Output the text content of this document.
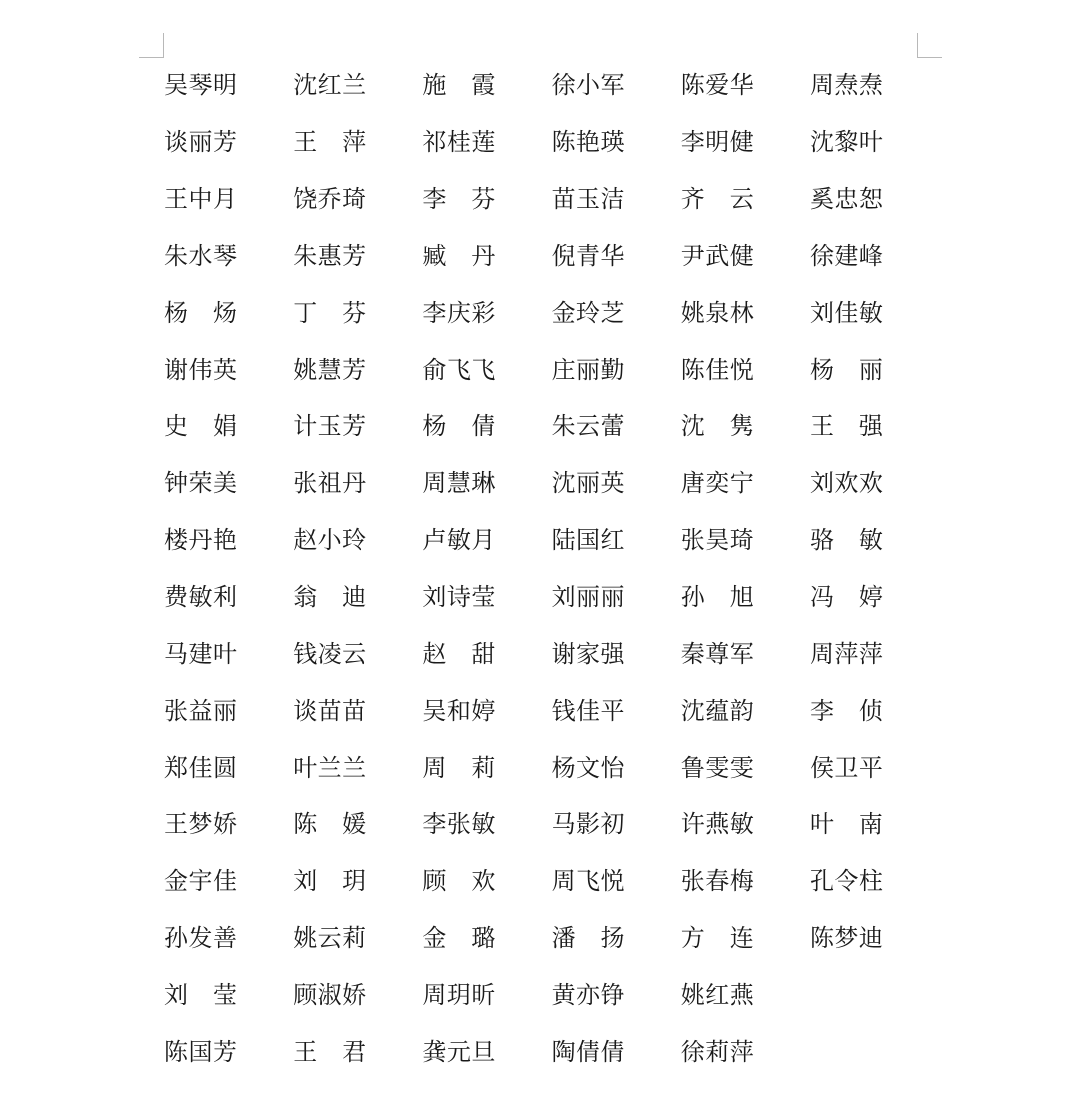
吴琴明	沈红兰	施　霞	徐小军	陈爱华	周焘焘
谈丽芳	王　萍	祁桂莲	陈艳瑛	李明健	沈黎叶
王中月	饶乔琦	李　芬	苗玉洁	齐　云	奚忠恕
朱水琴	朱惠芳	臧　丹	倪青华	尹武健	徐建峰
杨　炀	丁　芬	李庆彩	金玲芝	姚泉林	刘佳敏
谢伟英	姚慧芳	俞飞飞	庄丽勤	陈佳悦	杨　丽
史　娟	计玉芳	杨　倩	朱云蕾	沈　隽	王　强
钟荣美	张祖丹	周慧琳	沈丽英	唐奕宁	刘欢欢
楼丹艳	赵小玲	卢敏月	陆国红	张昊琦	骆　敏
费敏利	翁　迪	刘诗莹	刘丽丽	孙　旭	冯　婷
马建叶	钱凌云	赵　甜	谢家强	秦尊军	周萍萍
张益丽	谈苗苗	吴和婷	钱佳平	沈蕴韵	李　侦
郑佳圆	叶兰兰	周　莉	杨文怡	鲁雯雯	侯卫平
王梦娇	陈　媛	李张敏	马影初	许燕敏	叶　南
金宇佳	刘　玥	顾　欢	周飞悦	张春梅	孔令柱
孙发善	姚云莉	金　璐	潘　扬	方　连	陈梦迪
刘　莹	顾淑娇	周玥昕	黄亦铮	姚红燕
陈国芳	王　君	龚元旦	陶倩倩	徐莉萍
